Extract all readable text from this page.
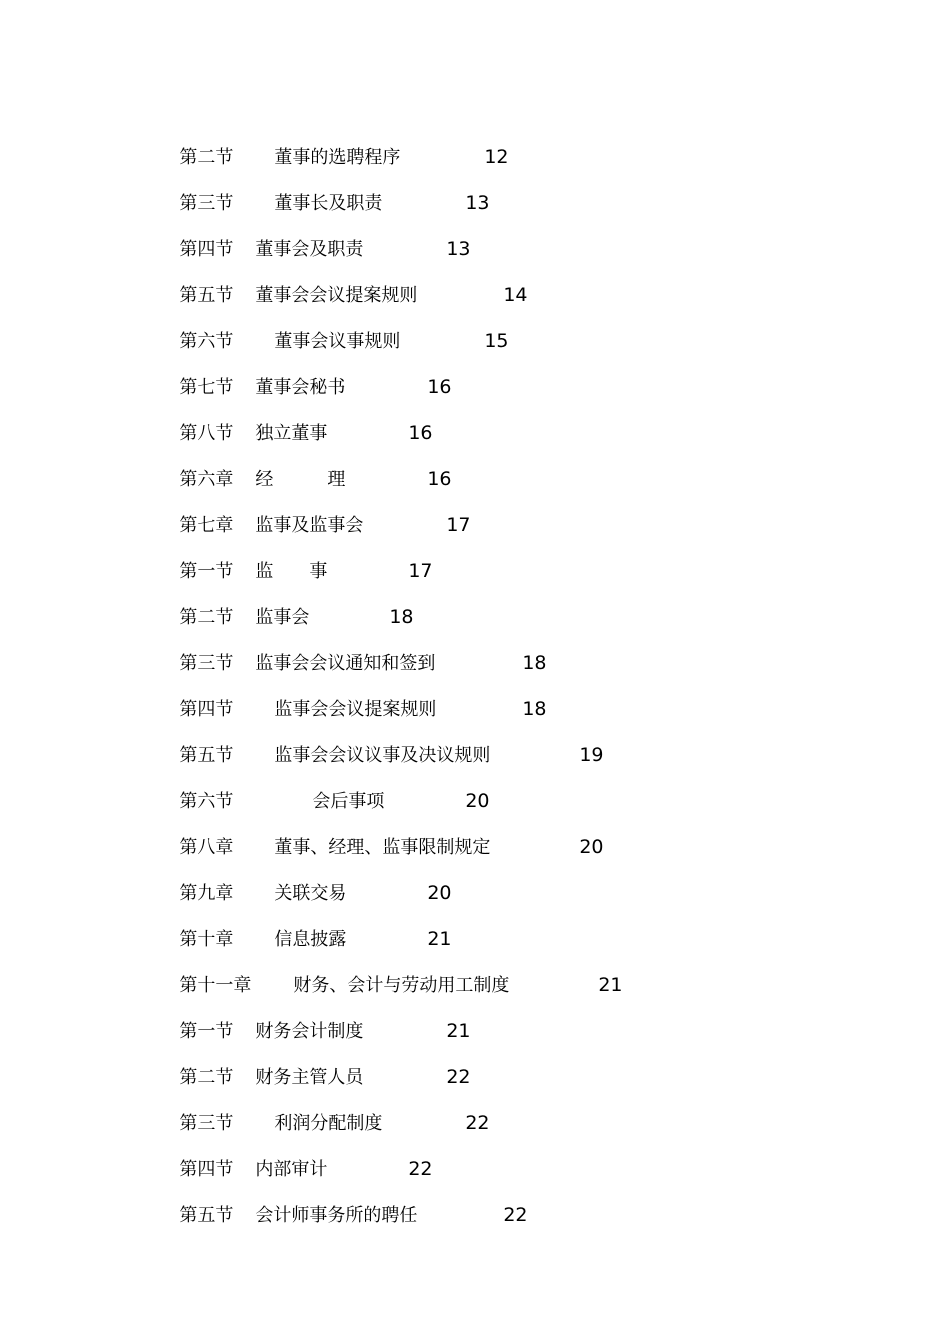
第二节 董事的选聘程序	12

第三节 董事长及职责	13

第四节 董事会及职责	13

第五节 董事会会议提案规则	14

第六节 董事会议事规则	15

第七节 董事会秘书	16

第八节 独立董事	16

第六章 经　　　理	16

第七章 监事及监事会	17

第一节 监　　事	17

第二节 监事会	18

第三节 监事会会议通知和签到	18

第四节 监事会会议提案规则	18

第五节 监事会会议议事及决议规则	19

第六节	会后事项	20

第八章 董事、经理、监事限制规定	20

第九章 关联交易	20

第十章 信息披露	21

第十一章 财务、会计与劳动用工制度	21

第一节 财务会计制度	21

第二节 财务主管人员	22

第三节 利润分配制度	22

第四节 内部审计	22

第五节 会计师事务所的聘任	22
